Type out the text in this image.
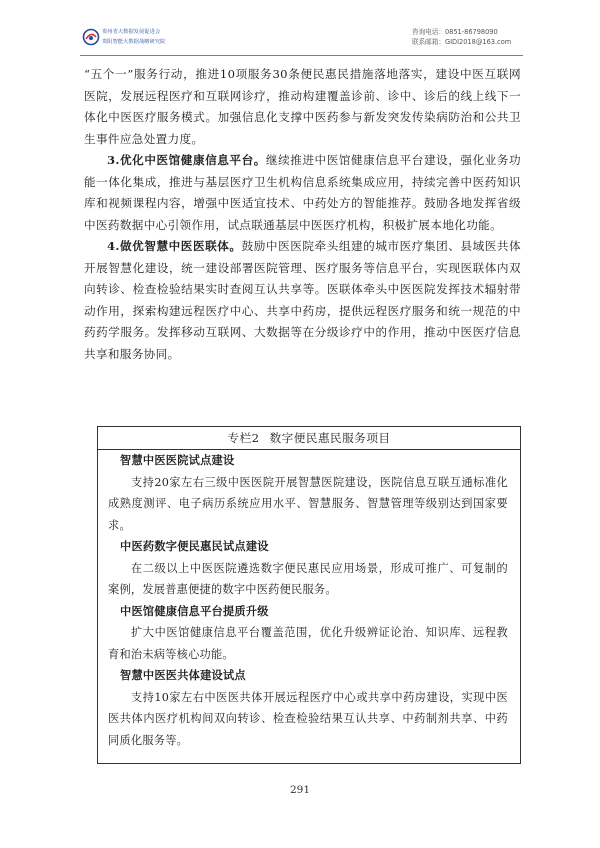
贵州省大数据发展促进会
贵阳智能大数据战略研究院
咨询电话：0851-86798090
联系邮箱：GIDI2018@163.com

“五个一”服务行动，推进10项服务30条便民惠民措施落地落实，建设中医互联网医院，发展远程医疗和互联网诊疗，推动构建覆盖诊前、诊中、诊后的线上线下一体化中医医疗服务模式。加强信息化支撑中医药参与新发突发传染病防治和公共卫生事件应急处置力度。

3.优化中医馆健康信息平台。继续推进中医馆健康信息平台建设，强化业务功能一体化集成，推进与基层医疗卫生机构信息系统集成应用，持续完善中医药知识库和视频课程内容，增强中医适宜技术、中药处方的智能推荐。鼓励各地发挥省级中医药数据中心引领作用，试点联通基层中医医疗机构，积极扩展本地化功能。

4.做优智慧中医医联体。鼓励中医医院牵头组建的城市医疗集团、县域医共体开展智慧化建设，统一建设部署医院管理、医疗服务等信息平台，实现医联体内双向转诊、检查检验结果实时查阅互认共享等。医联体牵头中医医院发挥技术辐射带动作用，探索构建远程医疗中心、共享中药房，提供远程医疗服务和统一规范的中药药学服务。发挥移动互联网、大数据等在分级诊疗中的作用，推动中医医疗信息共享和服务协同。

专栏2 数字便民惠民服务项目

智慧中医医院试点建设

支持20家左右三级中医医院开展智慧医院建设，医院信息互联互通标准化成熟度测评、电子病历系统应用水平、智慧服务、智慧管理等级别达到国家要求。

中医药数字便民惠民试点建设

在二级以上中医医院遴选数字便民惠民应用场景，形成可推广、可复制的案例，发展普惠便捷的数字中医药便民服务。

中医馆健康信息平台提质升级

扩大中医馆健康信息平台覆盖范围，优化升级辨证论治、知识库、远程教育和治未病等核心功能。

智慧中医医共体建设试点

支持10家左右中医医共体开展远程医疗中心或共享中药房建设，实现中医医共体内医疗机构间双向转诊、检查检验结果互认共享、中药制剂共享、中药同质化服务等。

291
